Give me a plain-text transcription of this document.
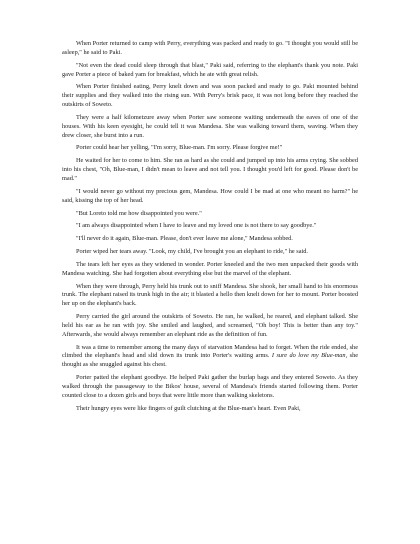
When Porter returned to camp with Perry, everything was packed and ready to go. "I thought you would still be asleep," he said to Paki.

"Not even the dead could sleep through that blast," Paki said, referring to the elephant's thank you note. Paki gave Porter a piece of baked yam for breakfast, which he ate with great relish.

When Porter finished eating, Perry knelt down and was soon packed and ready to go. Paki mounted behind their supplies and they walked into the rising sun. With Perry's brisk pace, it was not long before they reached the outskirts of Soweto.

They were a half kilometzure away when Porter saw someone waiting underneath the eaves of one of the houses. With his keen eyesight, he could tell it was Mandesa. She was walking toward them, waving. When they drew closer, she burst into a run.

Porter could hear her yelling, "I'm sorry, Blue-man. I'm sorry. Please forgive me!"

He waited for her to come to him. She ran as hard as she could and jumped up into his arms crying. She sobbed into his chest, "Oh, Blue-man, I didn't mean to leave and not tell you. I thought you'd left for good. Please don't be mad."

"I would never go without my precious gem, Mandesa. How could I be mad at one who meant no harm?" he said, kissing the top of her head.

"But Loreto told me how disappointed you were."

"I am always disappointed when I have to leave and my loved one is not there to say goodbye."

"I'll never do it again, Blue-man. Please, don't ever leave me alone," Mandesa sobbed.

Porter wiped her tears away. "Look, my child, I've brought you an elephant to ride," he said.

The tears left her eyes as they widened in wonder. Porter kneeled and the two men unpacked their goods with Mandesa watching. She had forgotten about everything else but the marvel of the elephant.

When they were through, Perry held his trunk out to sniff Mandesa. She shook, her small hand to his enormous trunk. The elephant raised its trunk high in the air; it blasted a hello then knelt down for her to mount. Porter boosted her up on the elephant's back.

Perry carried the girl around the outskirts of Soweto. He ran, he walked, he reared, and elephant talked. She held his ear as he ran with joy. She smiled and laughed, and screamed, "Oh boy! This is better than any toy." Afterwards, she would always remember an elephant ride as the definition of fun.

It was a time to remember among the many days of starvation Mandesa had to forget. When the ride ended, she climbed the elephant's head and slid down its trunk into Porter's waiting arms. I sure do love my Blue-man, she thought as she snuggled against his chest.

Porter patted the elephant goodbye. He helped Paki gather the burlap bags and they entered Soweto. As they walked through the passageway to the Bikos' house, several of Mandesa's friends started following them. Porter counted close to a dozen girls and boys that were little more than walking skeletons.

Their hungry eyes were like fingers of guilt clutching at the Blue-man's heart. Even Paki,
